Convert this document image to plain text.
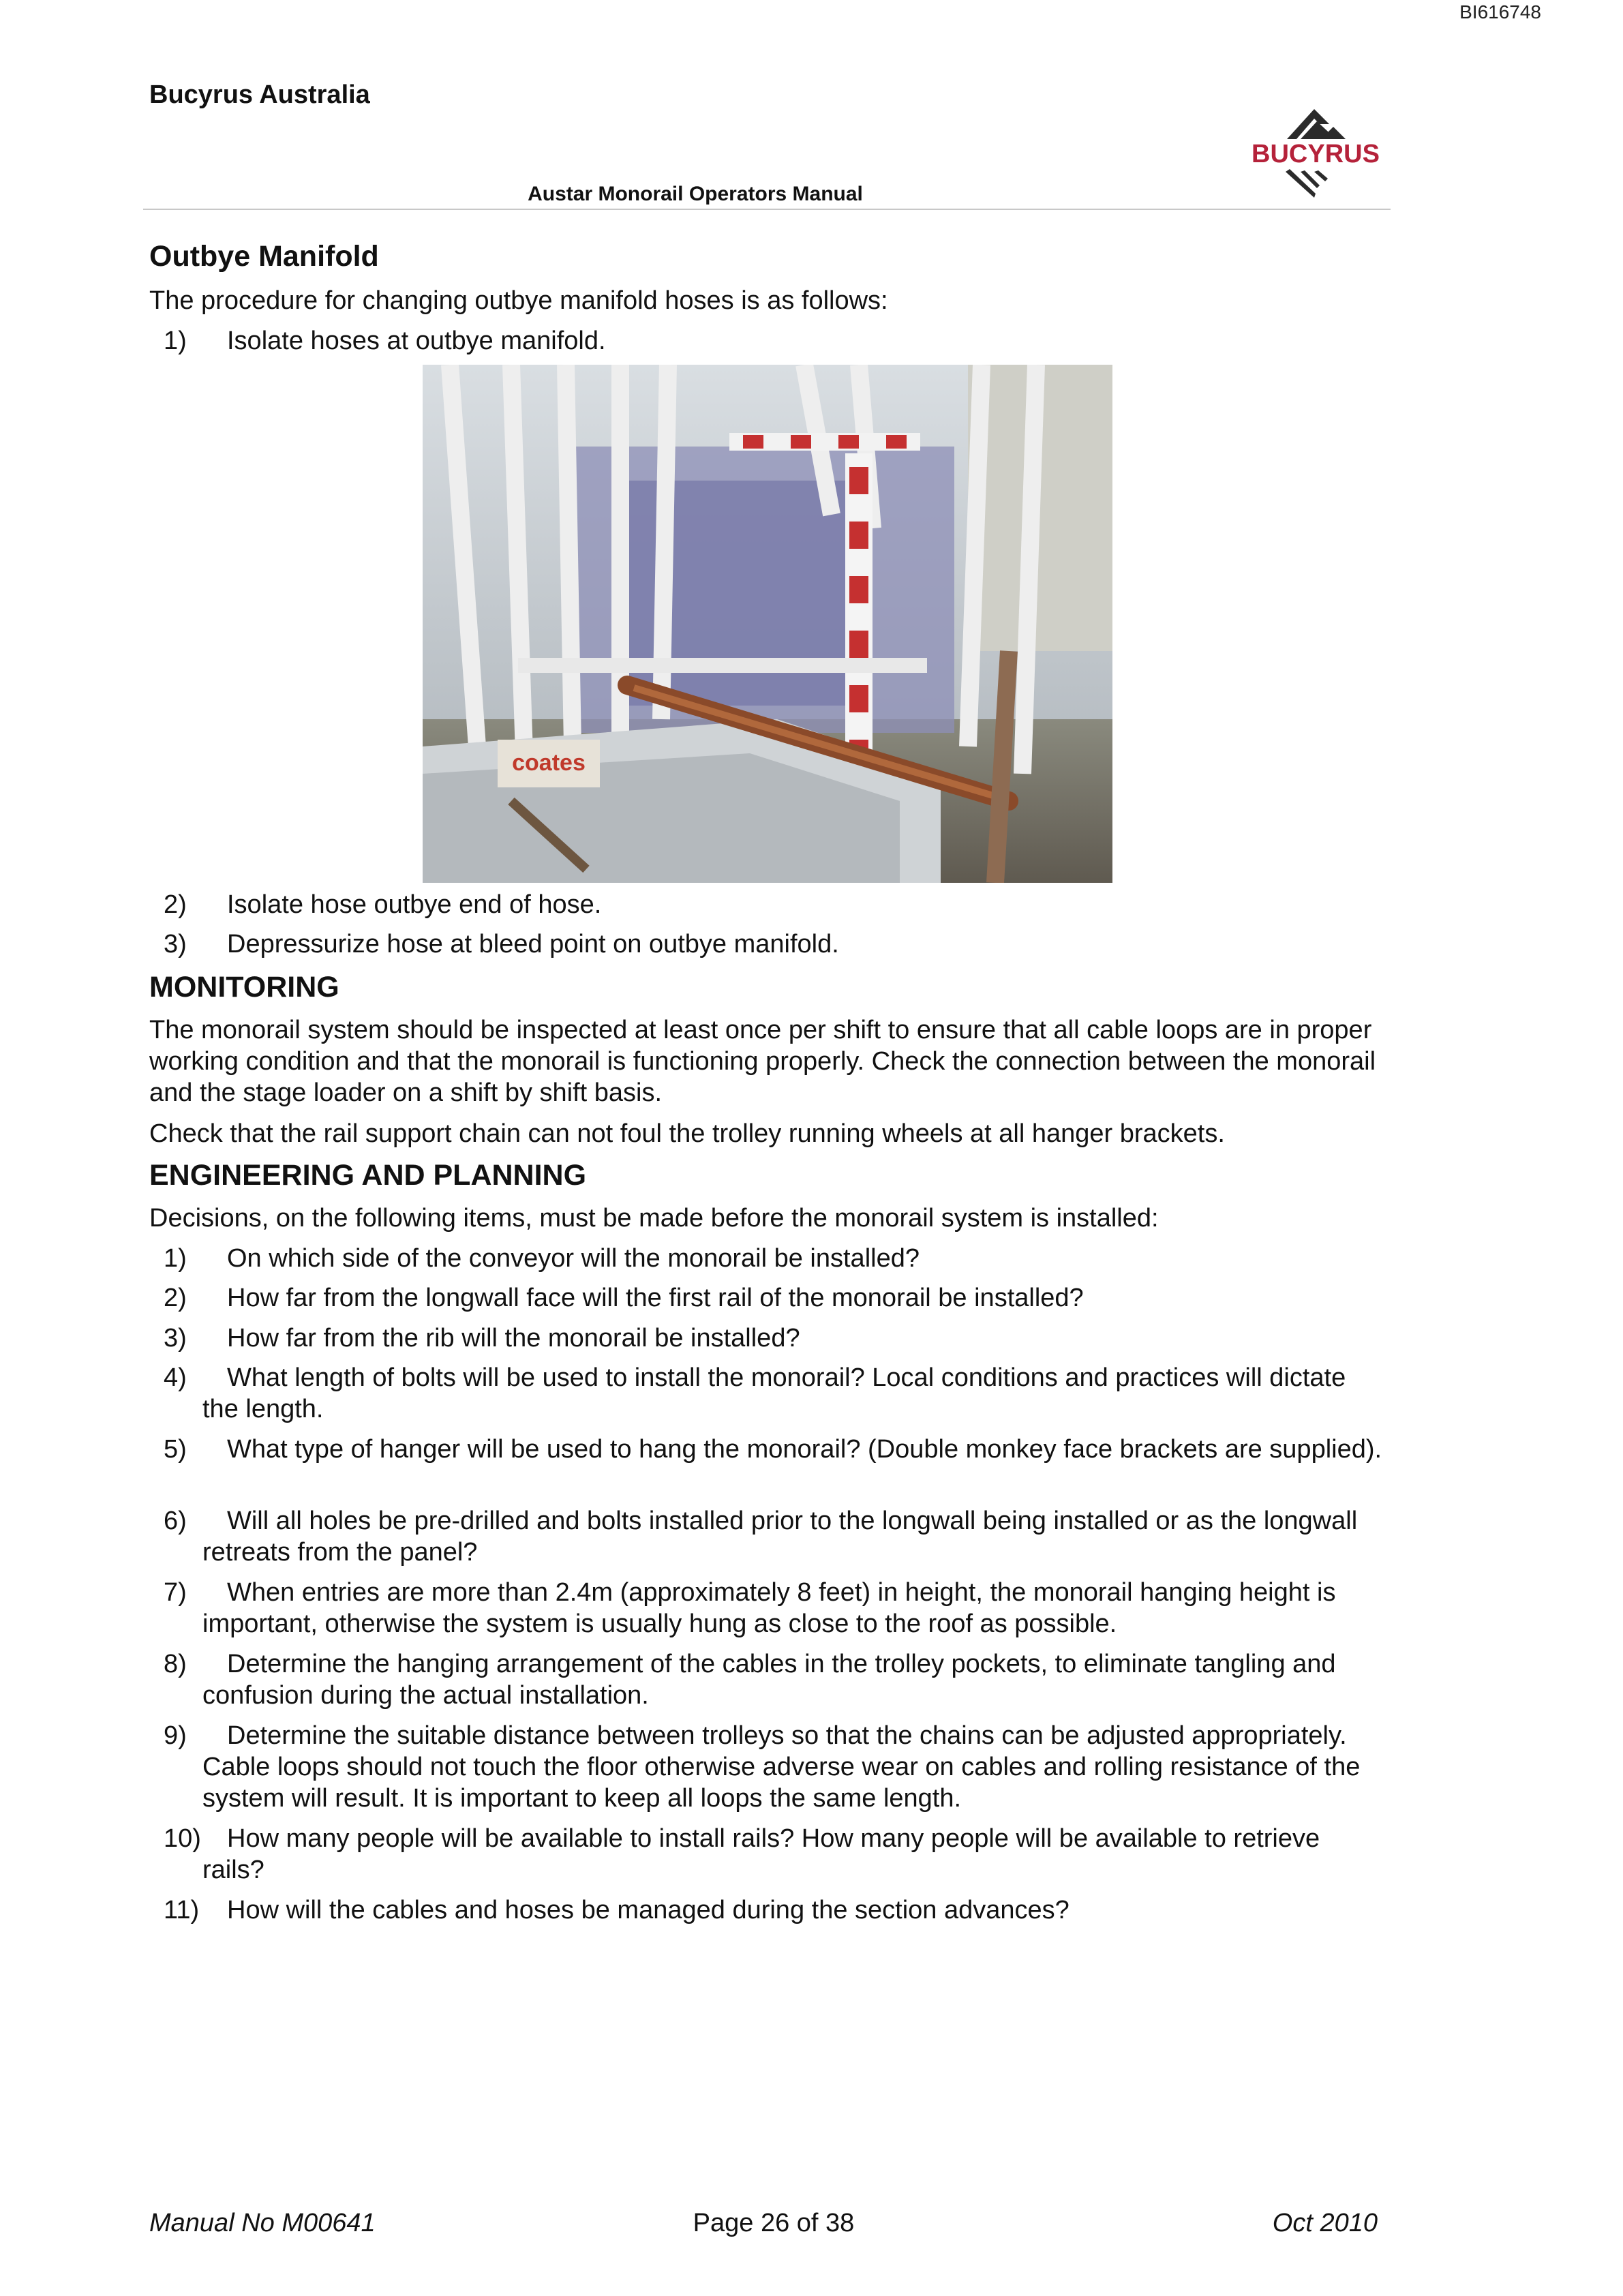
BI616748
Bucyrus Australia
Austar Monorail Operators Manual
BUCYRUS
Outbye Manifold
The procedure for changing outbye manifold hoses is as follows:
1)	Isolate hoses at outbye manifold.
coates
2)	Isolate hose outbye end of hose.
3)	Depressurize hose at bleed point on outbye manifold.
MONITORING
The monorail system should be inspected at least once per shift to ensure that all cable loops are in proper working condition and that the monorail is functioning properly. Check the connection between the monorail and the stage loader on a shift by shift basis.
Check that the rail support chain can not foul the trolley running wheels at all hanger brackets.
ENGINEERING AND PLANNING
Decisions, on the following items, must be made before the monorail system is installed:
1)	On which side of the conveyor will the monorail be installed?
2)	How far from the longwall face will the first rail of the monorail be installed?
3)	How far from the rib will the monorail be installed?
4)	What length of bolts will be used to install the monorail? Local conditions and practices will dictate the length.
5)	What type of hanger will be used to hang the monorail? (Double monkey face brackets are supplied).
6)	Will all holes be pre-drilled and bolts installed prior to the longwall being installed or as the longwall retreats from the panel?
7)	When entries are more than 2.4m (approximately 8 feet) in height, the monorail hanging height is important, otherwise the system is usually hung as close to the roof as possible.
8)	Determine the hanging arrangement of the cables in the trolley pockets, to eliminate tangling and confusion during the actual installation.
9)	Determine the suitable distance between trolleys so that the chains can be adjusted appropriately. Cable loops should not touch the floor otherwise adverse wear on cables and rolling resistance of the system will result. It is important to keep all loops the same length.
10)	How many people will be available to install rails? How many people will be available to retrieve rails?
11)	How will the cables and hoses be managed during the section advances?
Manual No M00641	Page 26 of 38	Oct 2010
